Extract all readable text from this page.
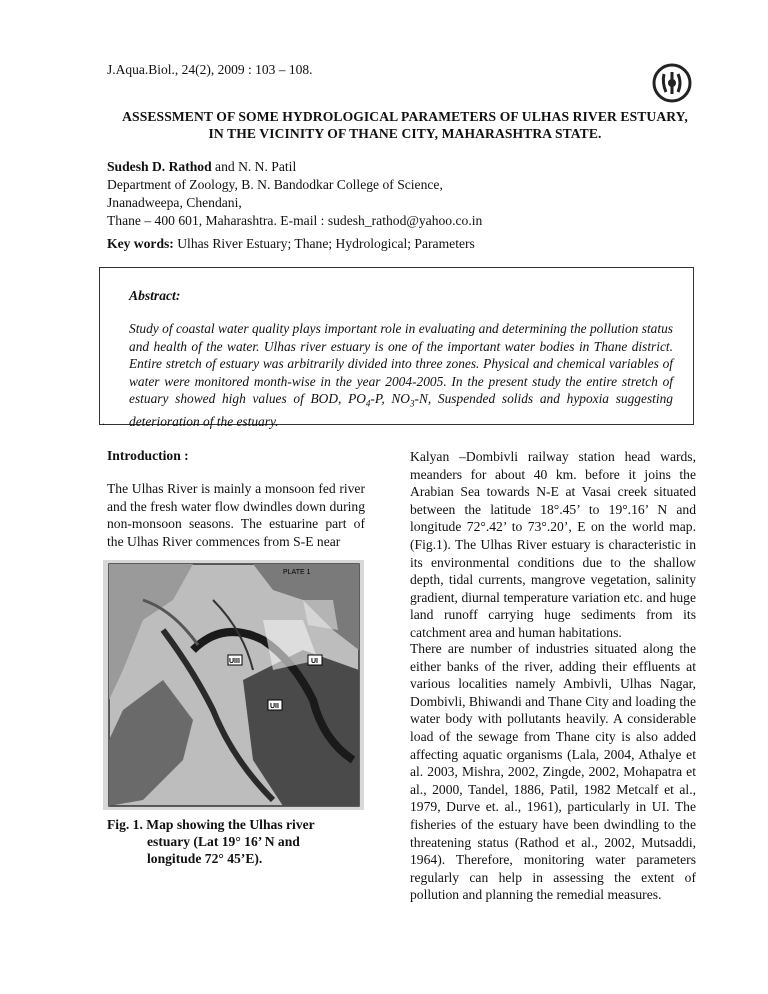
J.Aqua.Biol., 24(2), 2009 : 103 – 108.
ASSESSMENT OF SOME HYDROLOGICAL PARAMETERS OF ULHAS RIVER ESTUARY,
IN THE VICINITY OF THANE CITY, MAHARASHTRA STATE.
Sudesh D. Rathod and N. N. Patil
Department of Zoology, B. N. Bandodkar College of Science,
Jnanadweepa, Chendani,
Thane – 400 601, Maharashtra. E-mail : sudesh_rathod@yahoo.co.in
Key words: Ulhas River Estuary; Thane; Hydrological; Parameters
Abstract:

Study of coastal water quality plays important role in evaluating and determining the pollution status and health of the water. Ulhas river estuary is one of the important water bodies in Thane district. Entire stretch of estuary was arbitrarily divided into three zones. Physical and chemical variables of water were monitored month-wise in the year 2004-2005. In the present study the entire stretch of estuary showed high values of BOD, $PO_4-P$, $NO_3-N$, Suspended solids and hypoxia suggesting deterioration of the estuary.

.
Introduction :

The Ulhas River is mainly a monsoon fed river and the fresh water flow dwindles down during non-monsoon seasons. The estuarine part of the Ulhas River commences from S-E near

PLATE 1
UIII
UII
UI
Fig. 1. Map showing the Ulhas river
estuary (Lat 19° 16’ N and
longitude 72° 45’E).

Kalyan –Dombivli railway station head wards, meanders for about 40 km. before it joins the Arabian Sea towards N-E at Vasai creek situated between the latitude 18°.45’ to 19°.16’ N and longitude 72°.42’ to 73°.20’, E on the world map. (Fig.1). The Ulhas River estuary is characteristic in its environmental conditions due to the shallow depth, tidal currents, mangrove vegetation, salinity gradient, diurnal temperature variation etc. and huge land runoff carrying huge sediments from its catchment area and human habitations.

There are number of industries situated along the either banks of the river, adding their effluents at various localities namely Ambivli, Ulhas Nagar, Dombivli, Bhiwandi and Thane City and loading the water body with pollutants heavily. A considerable load of the sewage from Thane city is also added affecting aquatic organisms (Lala, 2004, Athalye et al. 2003, Mishra, 2002, Zingde, 2002, Mohapatra et al., 2000, Tandel, 1886, Patil, 1982 Metcalf et al., 1979, Durve et. al., 1961), particularly in UI. The fisheries of the estuary have been dwindling to the threatening status (Rathod et al., 2002, Mutsaddi, 1964). Therefore, monitoring water parameters regularly can help in assessing the extent of pollution and planning the remedial measures.
